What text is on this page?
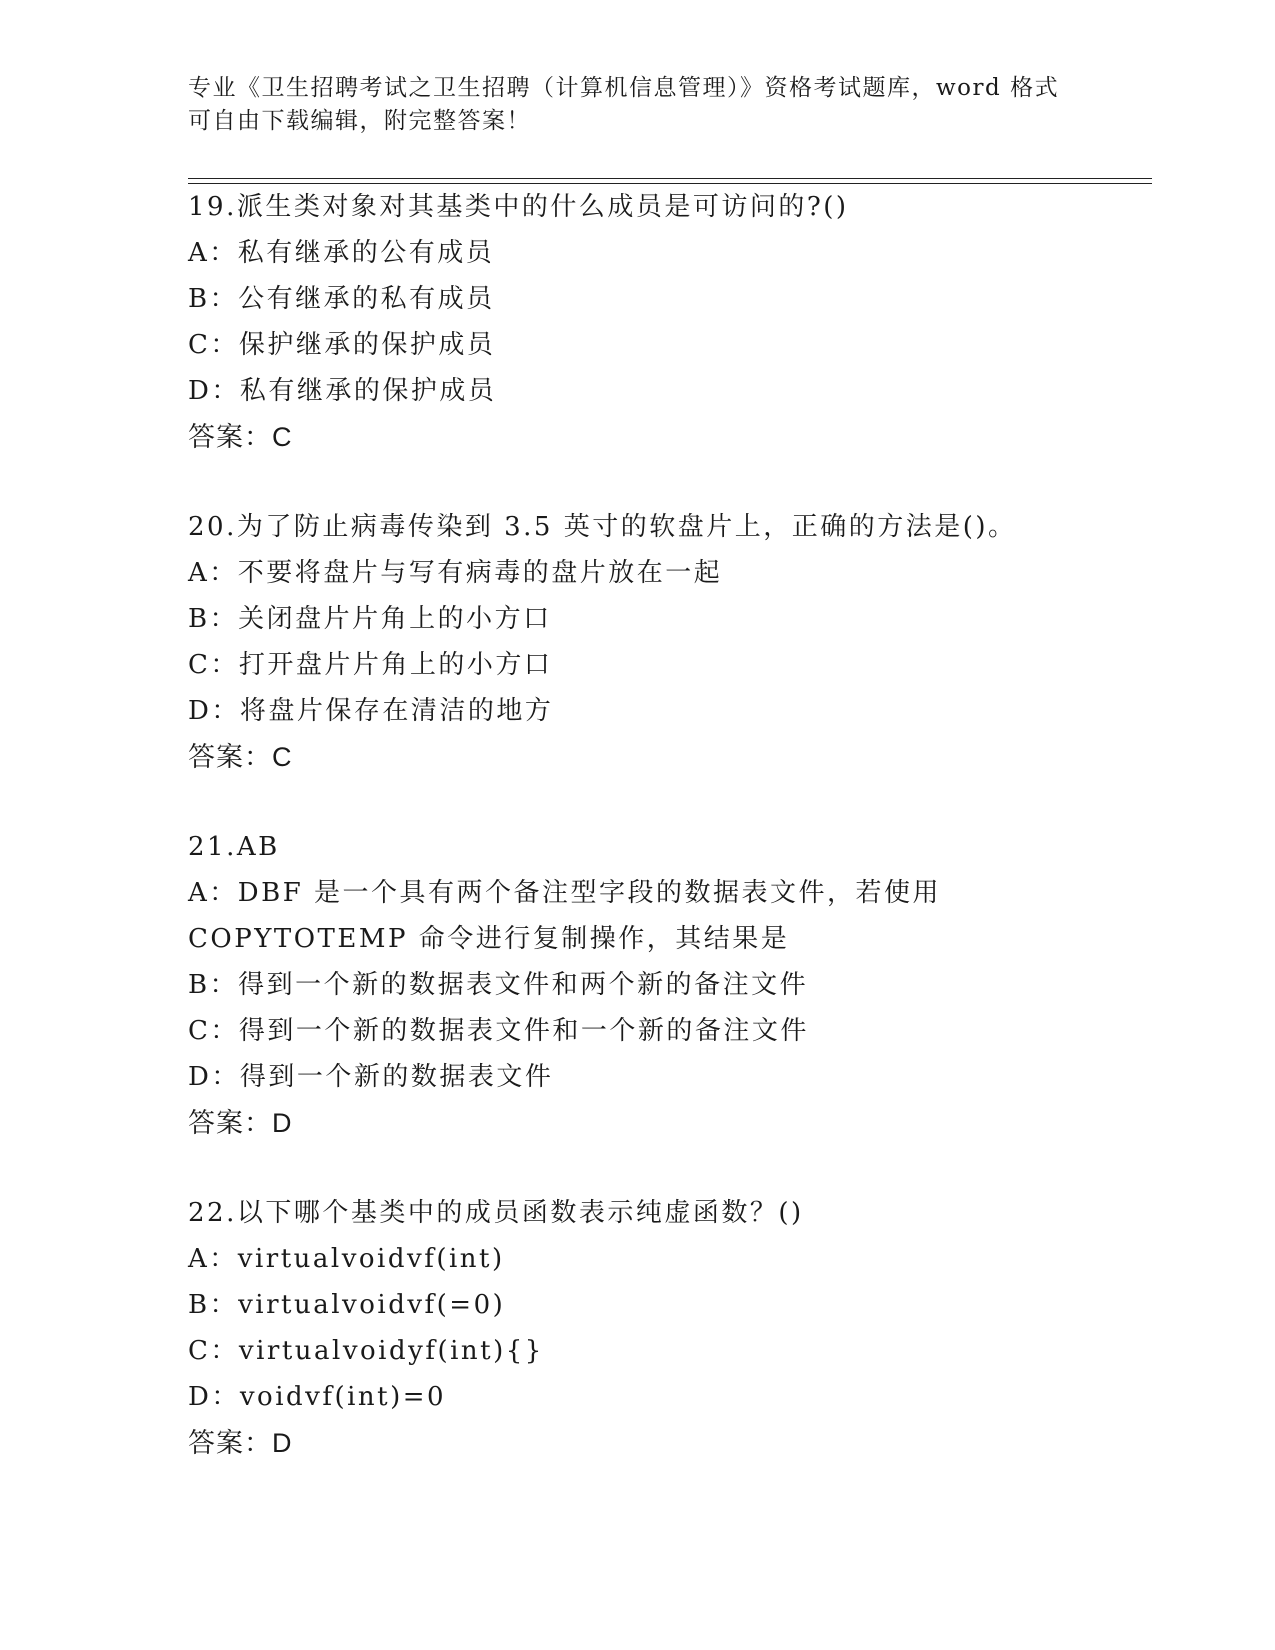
专业《卫生招聘考试之卫生招聘（计算机信息管理）》资格考试题库，word 格式
可自由下载编辑，附完整答案！
19.派生类对象对其基类中的什么成员是可访问的?()
A：私有继承的公有成员
B：公有继承的私有成员
C：保护继承的保护成员
D：私有继承的保护成员
答案：C
20.为了防止病毒传染到 3.5 英寸的软盘片上，正确的方法是()。
A：不要将盘片与写有病毒的盘片放在一起
B：关闭盘片片角上的小方口
C：打开盘片片角上的小方口
D：将盘片保存在清洁的地方
答案：C
21.AB
A：DBF 是一个具有两个备注型字段的数据表文件，若使用 COPYTOTEMP 命令进行复制操作，其结果是
B：得到一个新的数据表文件和两个新的备注文件
C：得到一个新的数据表文件和一个新的备注文件
D：得到一个新的数据表文件
答案：D
22.以下哪个基类中的成员函数表示纯虚函数？()
A：virtualvoidvf(int)
B：virtualvoidvf(=0)
C：virtualvoidyf(int){}
D：voidvf(int)=0
答案：D
